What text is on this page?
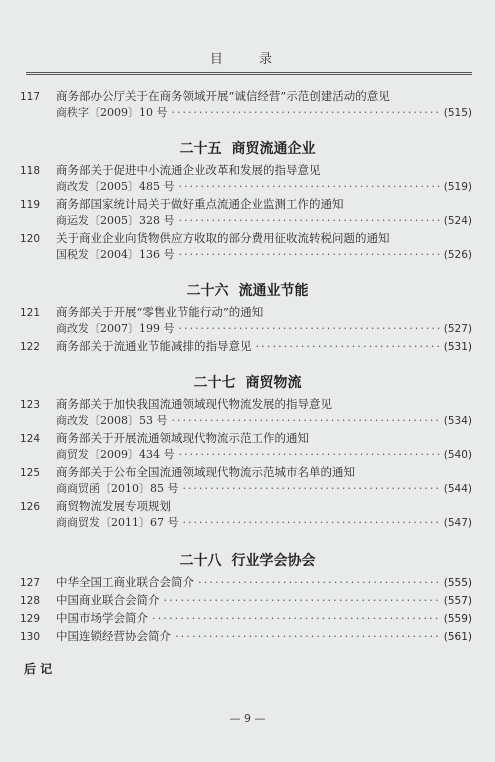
目 录
117 商务部办公厅关于在商务领域开展“诚信经营”示范创建活动的意见
商秩字〔2009〕10 号 ·····	(515)
二十五 商贸流通企业
118 商务部关于促进中小流通企业改革和发展的指导意见
商改发〔2005〕485 号 ·····	(519)
119 商务部国家统计局关于做好重点流通企业监测工作的通知
商运发〔2005〕328 号 ·····	(524)
120 关于商业企业向货物供应方收取的部分费用征收流转税问题的通知
国税发〔2004〕136 号 ·····	(526)
二十六 流通业节能
121 商务部关于开展“零售业节能行动”的通知
商改发〔2007〕199 号 ·····	(527)
122	商务部关于流通业节能减排的指导意见 ·····	(531)
二十七 商贸物流
123 商务部关于加快我国流通领域现代物流发展的指导意见
商改发〔2008〕53 号 ·····	(534)
124 商务部关于开展流通领域现代物流示范工作的通知
商贸发〔2009〕434 号 ·····	(540)
125 商务部关于公布全国流通领域现代物流示范城市名单的通知
商商贸函〔2010〕85 号 ·····	(544)
126 商贸物流发展专项规划
商商贸发〔2011〕67 号 ·····	(547)
二十八 行业学会协会
127	中华全国工商业联合会简介 ·····	(555)
128	中国商业联合会简介 ·····	(557)
129	中国市场学会简介 ·····	(559)
130	中国连锁经营协会简介 ·····	(561)
后 记
— 9 —
